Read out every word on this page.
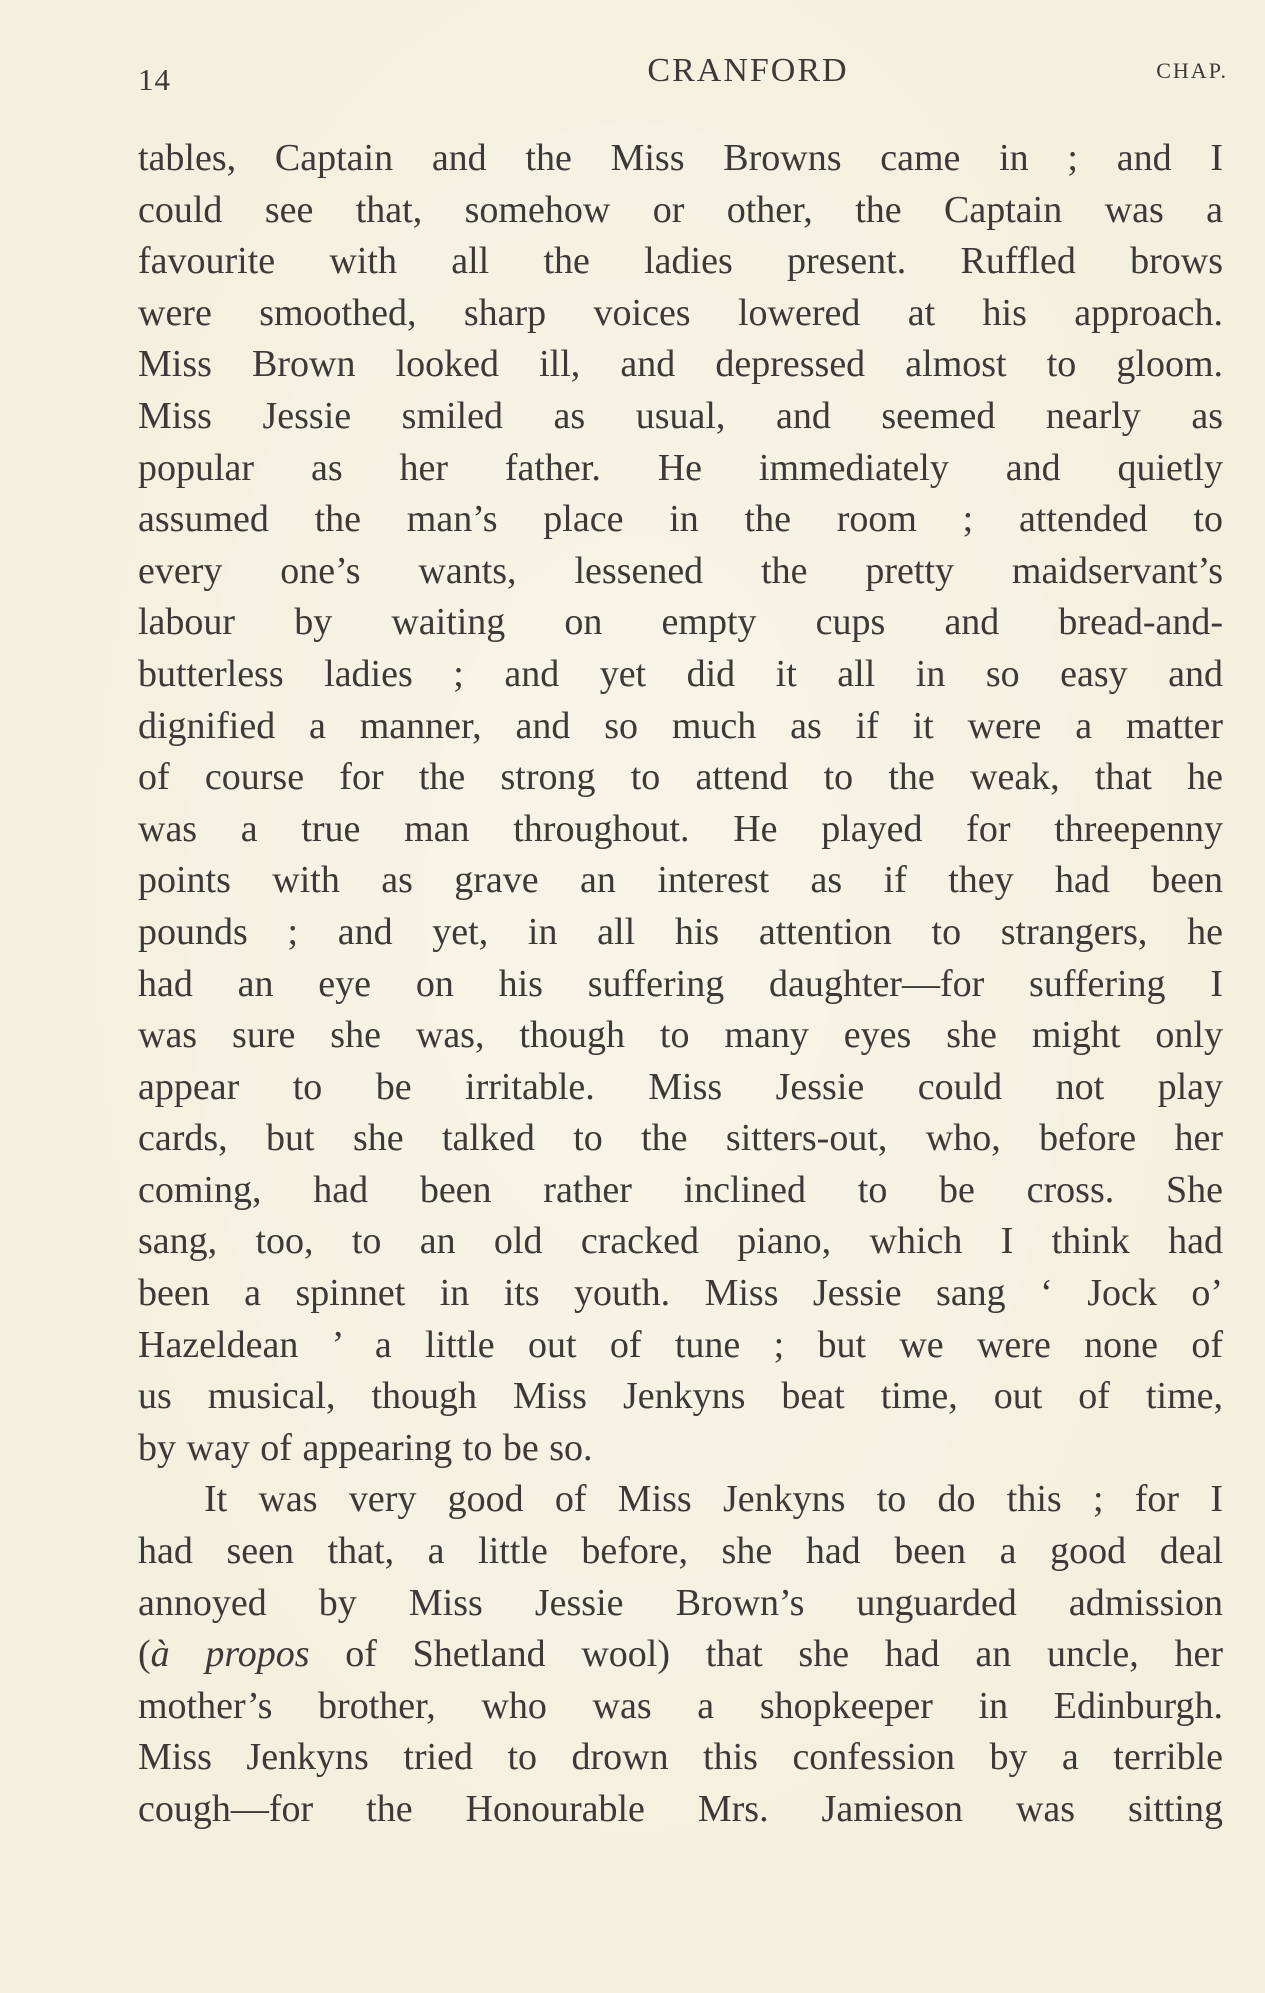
14	CRANFORD	CHAP.
tables, Captain and the Miss Browns came in ; and I
could see that, somehow or other, the Captain was a
favourite with all the ladies present. Ruffled brows
were smoothed, sharp voices lowered at his approach.
Miss Brown looked ill, and depressed almost to gloom.
Miss Jessie smiled as usual, and seemed nearly as
popular as her father. He immediately and quietly
assumed the man’s place in the room ; attended to
every one’s wants, lessened the pretty maidservant’s
labour by waiting on empty cups and bread-and-
butterless ladies ; and yet did it all in so easy and
dignified a manner, and so much as if it were a matter
of course for the strong to attend to the weak, that he
was a true man throughout. He played for threepenny
points with as grave an interest as if they had been
pounds ; and yet, in all his attention to strangers, he
had an eye on his suffering daughter—for suffering I
was sure she was, though to many eyes she might only
appear to be irritable. Miss Jessie could not play
cards, but she talked to the sitters-out, who, before her
coming, had been rather inclined to be cross. She
sang, too, to an old cracked piano, which I think had
been a spinnet in its youth. Miss Jessie sang ‘ Jock o’
Hazeldean ’ a little out of tune ; but we were none of
us musical, though Miss Jenkyns beat time, out of time,
by way of appearing to be so.
It was very good of Miss Jenkyns to do this ; for I
had seen that, a little before, she had been a good deal
annoyed by Miss Jessie Brown’s unguarded admission
(à propos of Shetland wool) that she had an uncle, her
mother’s brother, who was a shopkeeper in Edinburgh.
Miss Jenkyns tried to drown this confession by a terrible
cough—for the Honourable Mrs. Jamieson was sitting
